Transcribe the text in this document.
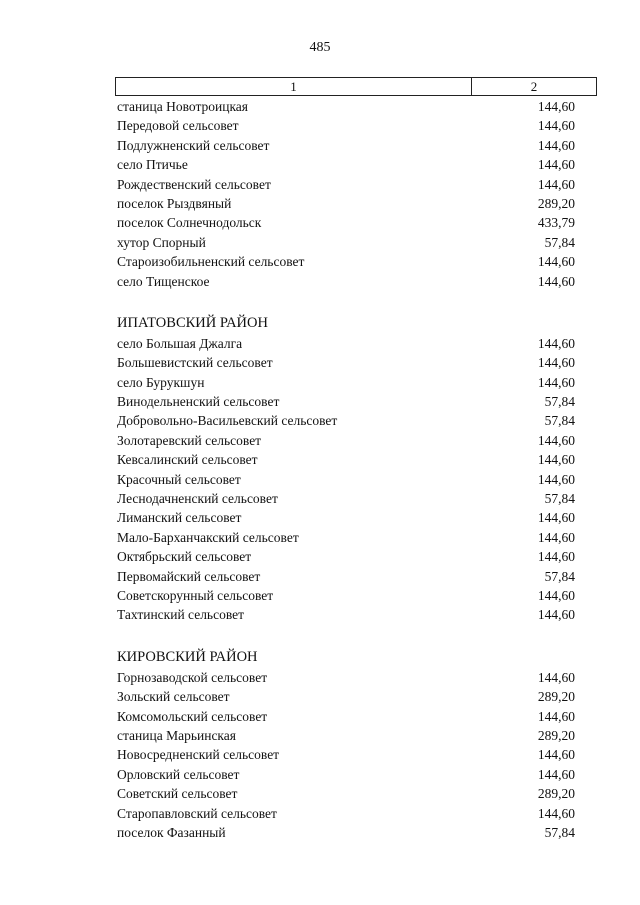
485
1	2
станица Новотроицкая	144,60
Передовой сельсовет	144,60
Подлужненский сельсовет	144,60
село Птичье	144,60
Рождественский сельсовет	144,60
поселок Рыздвяный	289,20
поселок Солнечнодольск	433,79
хутор Спорный	57,84
Староизобильненский сельсовет	144,60
село Тищенское	144,60
ИПАТОВСКИЙ РАЙОН
село Большая Джалга	144,60
Большевистский сельсовет	144,60
село Бурукшун	144,60
Винодельненский сельсовет	57,84
Добровольно-Васильевский сельсовет	57,84
Золотаревский сельсовет	144,60
Кевсалинский сельсовет	144,60
Красочный сельсовет	144,60
Леснодачненский сельсовет	57,84
Лиманский сельсовет	144,60
Мало-Барханчакский сельсовет	144,60
Октябрьский сельсовет	144,60
Первомайский сельсовет	57,84
Советскорунный сельсовет	144,60
Тахтинский сельсовет	144,60
КИРОВСКИЙ РАЙОН
Горнозаводской сельсовет	144,60
Зольский сельсовет	289,20
Комсомольский сельсовет	144,60
станица Марьинская	289,20
Новосредненский сельсовет	144,60
Орловский сельсовет	144,60
Советский сельсовет	289,20
Старопавловский сельсовет	144,60
поселок Фазанный	57,84
